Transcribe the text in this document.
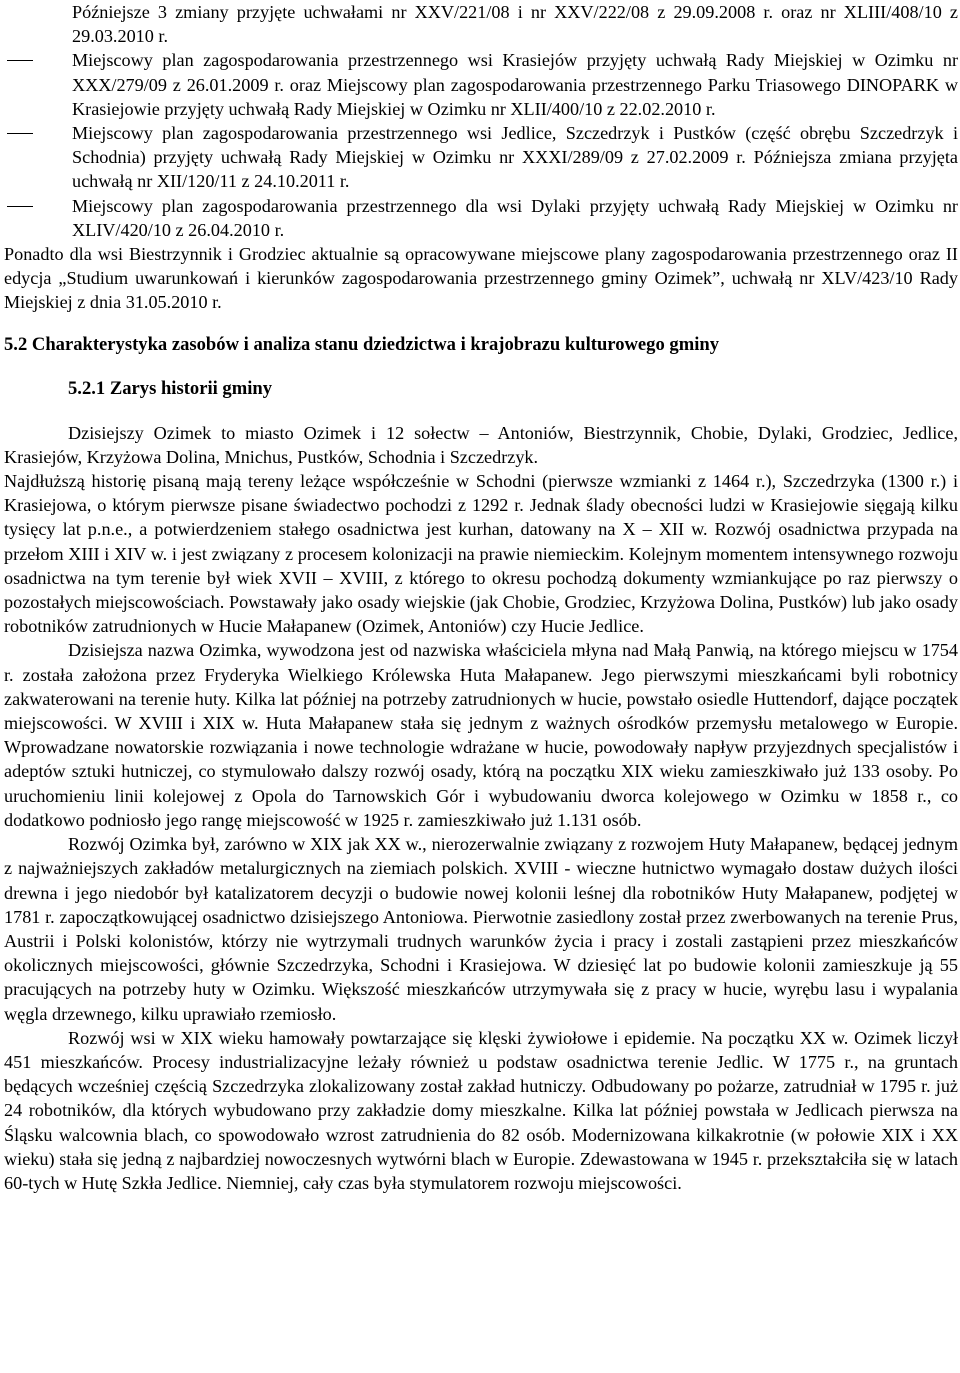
Późniejsze 3 zmiany przyjęte uchwałami nr XXV/221/08 i nr XXV/222/08 z 29.09.2008 r. oraz nr XLIII/408/10 z 29.03.2010 r.

Miejscowy plan zagospodarowania przestrzennego wsi Krasiejów przyjęty uchwałą Rady Miejskiej w Ozimku nr XXX/279/09 z 26.01.2009 r. oraz Miejscowy plan zagospodarowania przestrzennego Parku Triasowego DINOPARK w Krasiejowie przyjęty uchwałą Rady Miejskiej w Ozimku nr XLII/400/10 z 22.02.2010 r.

Miejscowy plan zagospodarowania przestrzennego wsi Jedlice, Szczedrzyk i Pustków (część obrębu Szczedrzyk i Schodnia) przyjęty uchwałą Rady Miejskiej w Ozimku nr XXXI/289/09 z 27.02.2009 r. Późniejsza zmiana przyjęta uchwałą nr XII/120/11 z 24.10.2011 r.

Miejscowy plan zagospodarowania przestrzennego dla wsi Dylaki przyjęty uchwałą Rady Miejskiej w Ozimku nr XLIV/420/10 z 26.04.2010 r.

Ponadto dla wsi Biestrzynnik i Grodziec aktualnie są opracowywane miejscowe plany zagospodarowania przestrzennego oraz II edycja „Studium uwarunkowań i kierunków zagospodarowania przestrzennego gminy Ozimek”, uchwałą nr XLV/423/10 Rady Miejskiej z dnia 31.05.2010 r.

5.2 Charakterystyka zasobów i analiza stanu dziedzictwa i krajobrazu kulturowego gminy
5.2.1 Zarys historii gminy

Dzisiejszy Ozimek to miasto Ozimek i 12 sołectw – Antoniów, Biestrzynnik, Chobie, Dylaki, Grodziec, Jedlice, Krasiejów, Krzyżowa Dolina, Mnichus, Pustków, Schodnia i Szczedrzyk.

Najdłuższą historię pisaną mają tereny leżące współcześnie w Schodni (pierwsze wzmianki z 1464 r.), Szczedrzyka (1300 r.) i Krasiejowa, o którym pierwsze pisane świadectwo pochodzi z 1292 r. Jednak ślady obecności ludzi w Krasiejowie sięgają kilku tysięcy lat p.n.e., a potwierdzeniem stałego osadnictwa jest kurhan, datowany na X – XII w. Rozwój osadnictwa przypada na przełom XIII i XIV w. i jest związany z procesem kolonizacji na prawie niemieckim. Kolejnym momentem intensywnego rozwoju osadnictwa na tym terenie był wiek XVII – XVIII, z którego to okresu pochodzą dokumenty wzmiankujące po raz pierwszy o pozostałych miejscowościach. Powstawały jako osady wiejskie (jak Chobie, Grodziec, Krzyżowa Dolina, Pustków) lub jako osady robotników zatrudnionych w Hucie Małapanew (Ozimek, Antoniów) czy Hucie Jedlice.

Dzisiejsza nazwa Ozimka, wywodzona jest od nazwiska właściciela młyna nad Małą Panwią, na którego miejscu w 1754 r. została założona przez Fryderyka Wielkiego Królewska Huta Małapanew. Jego pierwszymi mieszkańcami byli robotnicy zakwaterowani na terenie huty. Kilka lat później na potrzeby zatrudnionych w hucie, powstało osiedle Huttendorf, dające początek miejscowości. W XVIII i XIX w. Huta Małapanew stała się jednym z ważnych ośrodków przemysłu metalowego w Europie. Wprowadzane nowatorskie rozwiązania i nowe technologie wdrażane w hucie, powodowały napływ przyjezdnych specjalistów i adeptów sztuki hutniczej, co stymulowało dalszy rozwój osady, którą na początku XIX wieku zamieszkiwało już 133 osoby. Po uruchomieniu linii kolejowej z Opola do Tarnowskich Gór i wybudowaniu dworca kolejowego w Ozimku w 1858 r., co dodatkowo podniosło jego rangę miejscowość w 1925 r. zamieszkiwało już 1.131 osób.

Rozwój Ozimka był, zarówno w XIX jak XX w., nierozerwalnie związany z rozwojem Huty Małapanew, będącej jednym z najważniejszych zakładów metalurgicznych na ziemiach polskich. XVIII - wieczne hutnictwo wymagało dostaw dużych ilości drewna i jego niedobór był katalizatorem decyzji o budowie nowej kolonii leśnej dla robotników Huty Małapanew, podjętej w 1781 r. zapoczątkowującej osadnictwo dzisiejszego Antoniowa. Pierwotnie zasiedlony został przez zwerbowanych na terenie Prus, Austrii i Polski kolonistów, którzy nie wytrzymali trudnych warunków życia i pracy i zostali zastąpieni przez mieszkańców okolicznych miejscowości, głównie Szczedrzyka, Schodni i Krasiejowa. W dziesięć lat po budowie kolonii zamieszkuje ją 55 pracujących na potrzeby huty w Ozimku. Większość mieszkańców utrzymywała się z pracy w hucie, wyrębu lasu i wypalania węgla drzewnego, kilku uprawiało rzemiosło.

Rozwój wsi w XIX wieku hamowały powtarzające się klęski żywiołowe i epidemie. Na początku XX w. Ozimek liczył 451 mieszkańców. Procesy industrializacyjne leżały również u podstaw osadnictwa terenie Jedlic. W 1775 r., na gruntach będących wcześniej częścią Szczedrzyka zlokalizowany został zakład hutniczy. Odbudowany po pożarze, zatrudniał w 1795 r. już 24 robotników, dla których wybudowano przy zakładzie domy mieszkalne. Kilka lat później powstała w Jedlicach pierwsza na Śląsku walcownia blach, co spowodowało wzrost zatrudnienia do 82 osób. Modernizowana kilkakrotnie (w połowie XIX i XX wieku) stała się jedną z najbardziej nowoczesnych wytwórni blach w Europie. Zdewastowana w 1945 r. przekształciła się w latach 60-tych w Hutę Szkła Jedlice. Niemniej, cały czas była stymulatorem rozwoju miejscowości.
